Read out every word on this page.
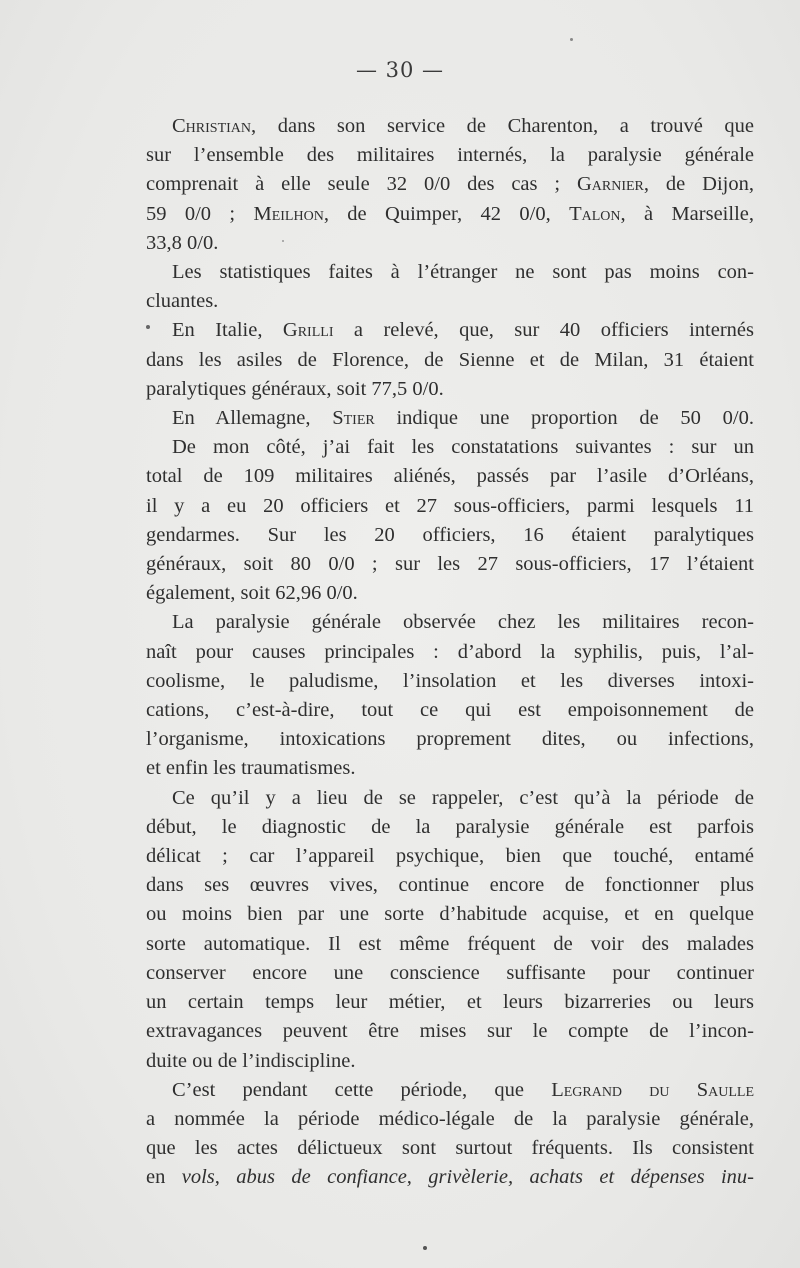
— 30 —

Christian, dans son service de Charenton, a trouvé que
sur l’ensemble des militaires internés, la paralysie générale
comprenait à elle seule 32 0/0 des cas ; Garnier, de Dijon,
59 0/0 ; Meilhon, de Quimper, 42 0/0, Talon, à Marseille,
33,8 0/0.

Les statistiques faites à l’étranger ne sont pas moins con-
cluantes.

En Italie, Grilli a relevé, que, sur 40 officiers internés
dans les asiles de Florence, de Sienne et de Milan, 31 étaient
paralytiques généraux, soit 77,5 0/0.

En Allemagne, Stier indique une proportion de 50 0/0.

De mon côté, j’ai fait les constatations suivantes : sur un
total de 109 militaires aliénés, passés par l’asile d’Orléans,
il y a eu 20 officiers et 27 sous-officiers, parmi lesquels 11
gendarmes. Sur les 20 officiers, 16 étaient paralytiques
généraux, soit 80 0/0 ; sur les 27 sous-officiers, 17 l’étaient
également, soit 62,96 0/0.

La paralysie générale observée chez les militaires recon-
naît pour causes principales : d’abord la syphilis, puis, l’al-
coolisme, le paludisme, l’insolation et les diverses intoxi-
cations, c’est-à-dire, tout ce qui est empoisonnement de
l’organisme, intoxications proprement dites, ou infections,
et enfin les traumatismes.

Ce qu’il y a lieu de se rappeler, c’est qu’à la période de
début, le diagnostic de la paralysie générale est parfois
délicat ; car l’appareil psychique, bien que touché, entamé
dans ses œuvres vives, continue encore de fonctionner plus
ou moins bien par une sorte d’habitude acquise, et en quelque
sorte automatique. Il est même fréquent de voir des malades
conserver encore une conscience suffisante pour continuer
un certain temps leur métier, et leurs bizarreries ou leurs
extravagances peuvent être mises sur le compte de l’incon-
duite ou de l’indiscipline.

C’est pendant cette période, que Legrand du Saulle
a nommée la période médico-légale de la paralysie générale,
que les actes délictueux sont surtout fréquents. Ils consistent
en vols, abus de confiance, grivèlerie, achats et dépenses inu-
